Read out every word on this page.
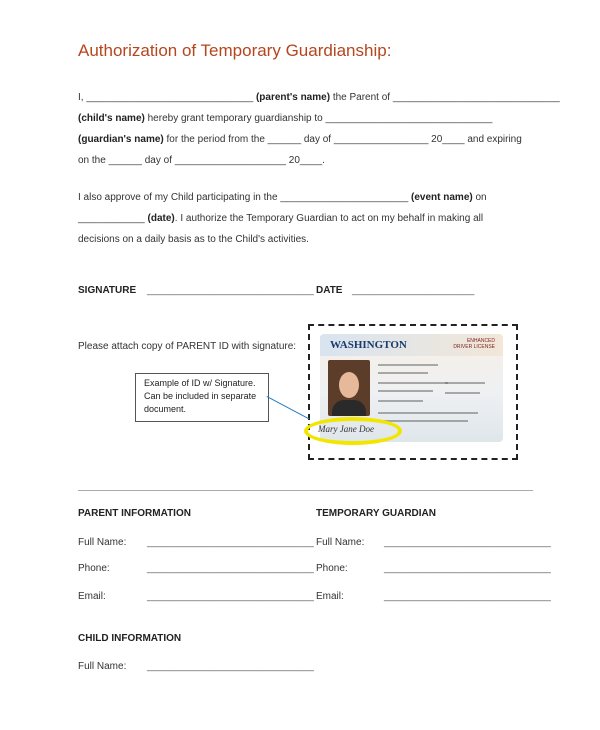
Authorization of Temporary Guardianship:
I, ______________________________ (parent's name) the Parent of ______________________________
(child's name) hereby grant temporary guardianship to ______________________________
(guardian's name) for the period from the ______ day of _________________ 20____ and expiring
on the ______ day of ____________________ 20____.
I also approve of my Child participating in the _______________________ (event name) on
____________ (date). I authorize the Temporary Guardian to act on my behalf in making all
decisions on a daily basis as to the Child's activities.
SIGNATURE ______________________________ DATE ______________________
Please attach copy of PARENT ID with signature:	WASHINGTON	ENHANCED
DRIVER LICENSE
Mary Jane Doe
Example of ID w/ Signature. Can be included in separate document.
PARENT INFORMATION
Full Name: ______________________________
Phone:	______________________________
Email:	______________________________
TEMPORARY GUARDIAN
Full Name: ______________________________
Phone:	______________________________
Email:	______________________________
CHILD INFORMATION
Full Name: ______________________________
